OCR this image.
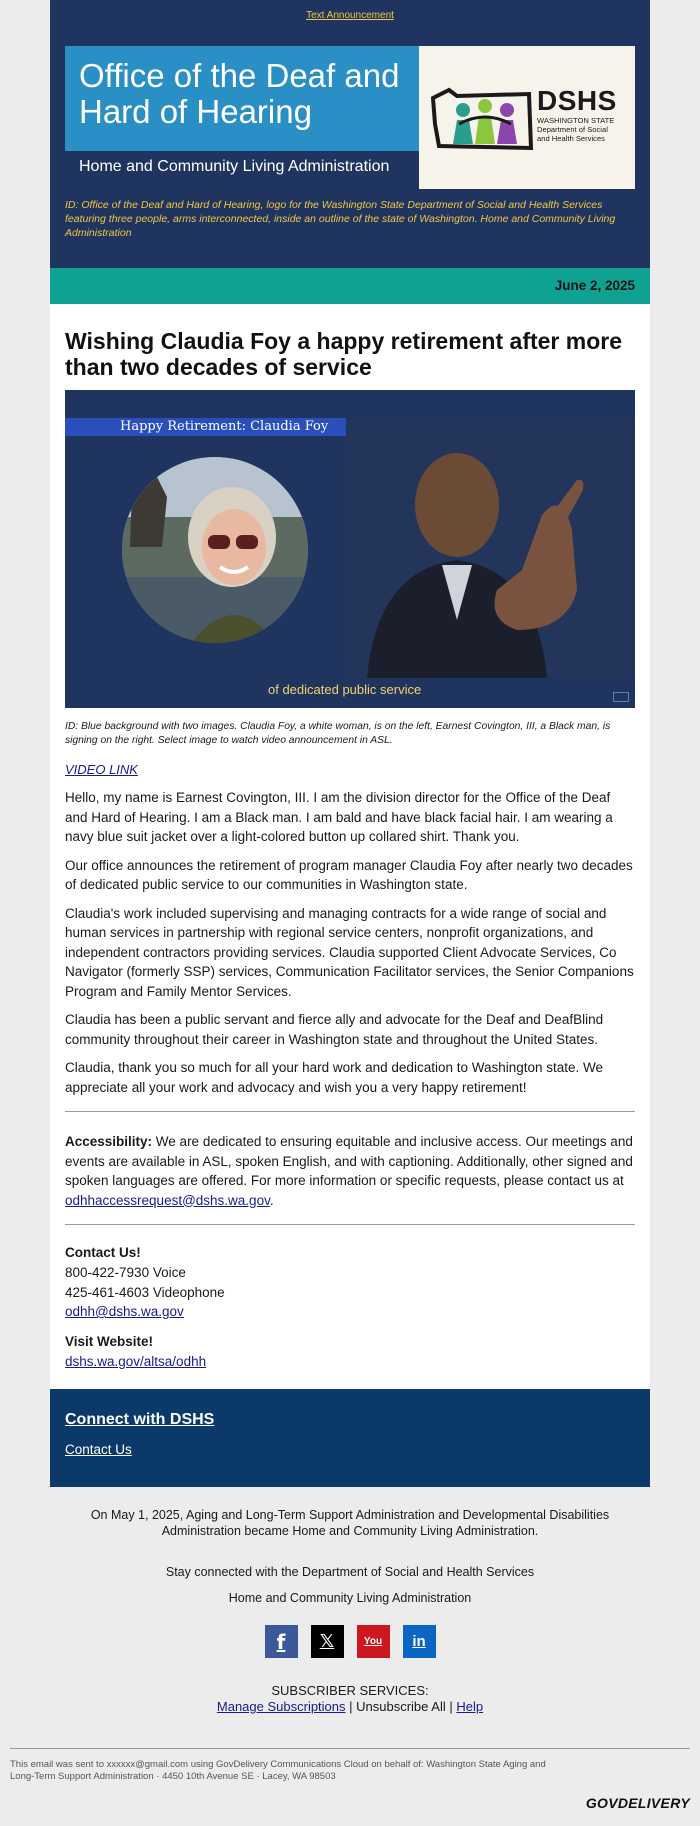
Text Announcement
Office of the Deaf and Hard of Hearing
Home and Community Living Administration
DSHS
WASHINGTON STATE
Department of Social
and Health Services
ID: Office of the Deaf and Hard of Hearing, logo for the Washington State Department of Social and Health Services featuring three people, arms interconnected, inside an outline of the state of Washington. Home and Community Living Administration
June 2, 2025
Wishing Claudia Foy a happy retirement after more than two decades of service
Happy Retirement: Claudia Foy
of dedicated public service

ID: Blue background with two images. Claudia Foy, a white woman, is on the left, Earnest Covington, III, a Black man, is signing on the right. Select image to watch video announcement in ASL.

VIDEO LINK

Hello, my name is Earnest Covington, III. I am the division director for the Office of the Deaf and Hard of Hearing. I am a Black man. I am bald and have black facial hair. I am wearing a navy blue suit jacket over a light-colored button up collared shirt. Thank you.

Our office announces the retirement of program manager Claudia Foy after nearly two decades of dedicated public service to our communities in Washington state.

Claudia's work included supervising and managing contracts for a wide range of social and human services in partnership with regional service centers, nonprofit organizations, and independent contractors providing services. Claudia supported Client Advocate Services, Co Navigator (formerly SSP) services, Communication Facilitator services, the Senior Companions Program and Family Mentor Services.

Claudia has been a public servant and fierce ally and advocate for the Deaf and DeafBlind community throughout their career in Washington state and throughout the United States.

Claudia, thank you so much for all your hard work and dedication to Washington state. We appreciate all your work and advocacy and wish you a very happy retirement!

Accessibility: We are dedicated to ensuring equitable and inclusive access. Our meetings and events are available in ASL, spoken English, and with captioning. Additionally, other signed and spoken languages are offered. For more information or specific requests, please contact us at odhhaccessrequest@dshs.wa.gov.

Contact Us!

800-422-7930 Voice

425-461-4603 Videophone

odhh@dshs.wa.gov

Visit Website!

dshs.wa.gov/altsa/odhh

Connect with DSHS
Contact Us
On May 1, 2025, Aging and Long-Term Support Administration and Developmental Disabilities Administration became Home and Community Living Administration.
Stay connected with the Department of Social and Health Services
Home and Community Living Administration
f 𝕏	You in
SUBSCRIBER SERVICES:
Manage Subscriptions | Unsubscribe All | Help
This email was sent to xxxxxx@gmail.com using GovDelivery Communications Cloud on behalf of: Washington State Aging and Long-Term Support Administration · 4450 10th Avenue SE · Lacey, WA 98503
GOVDELIVERY
